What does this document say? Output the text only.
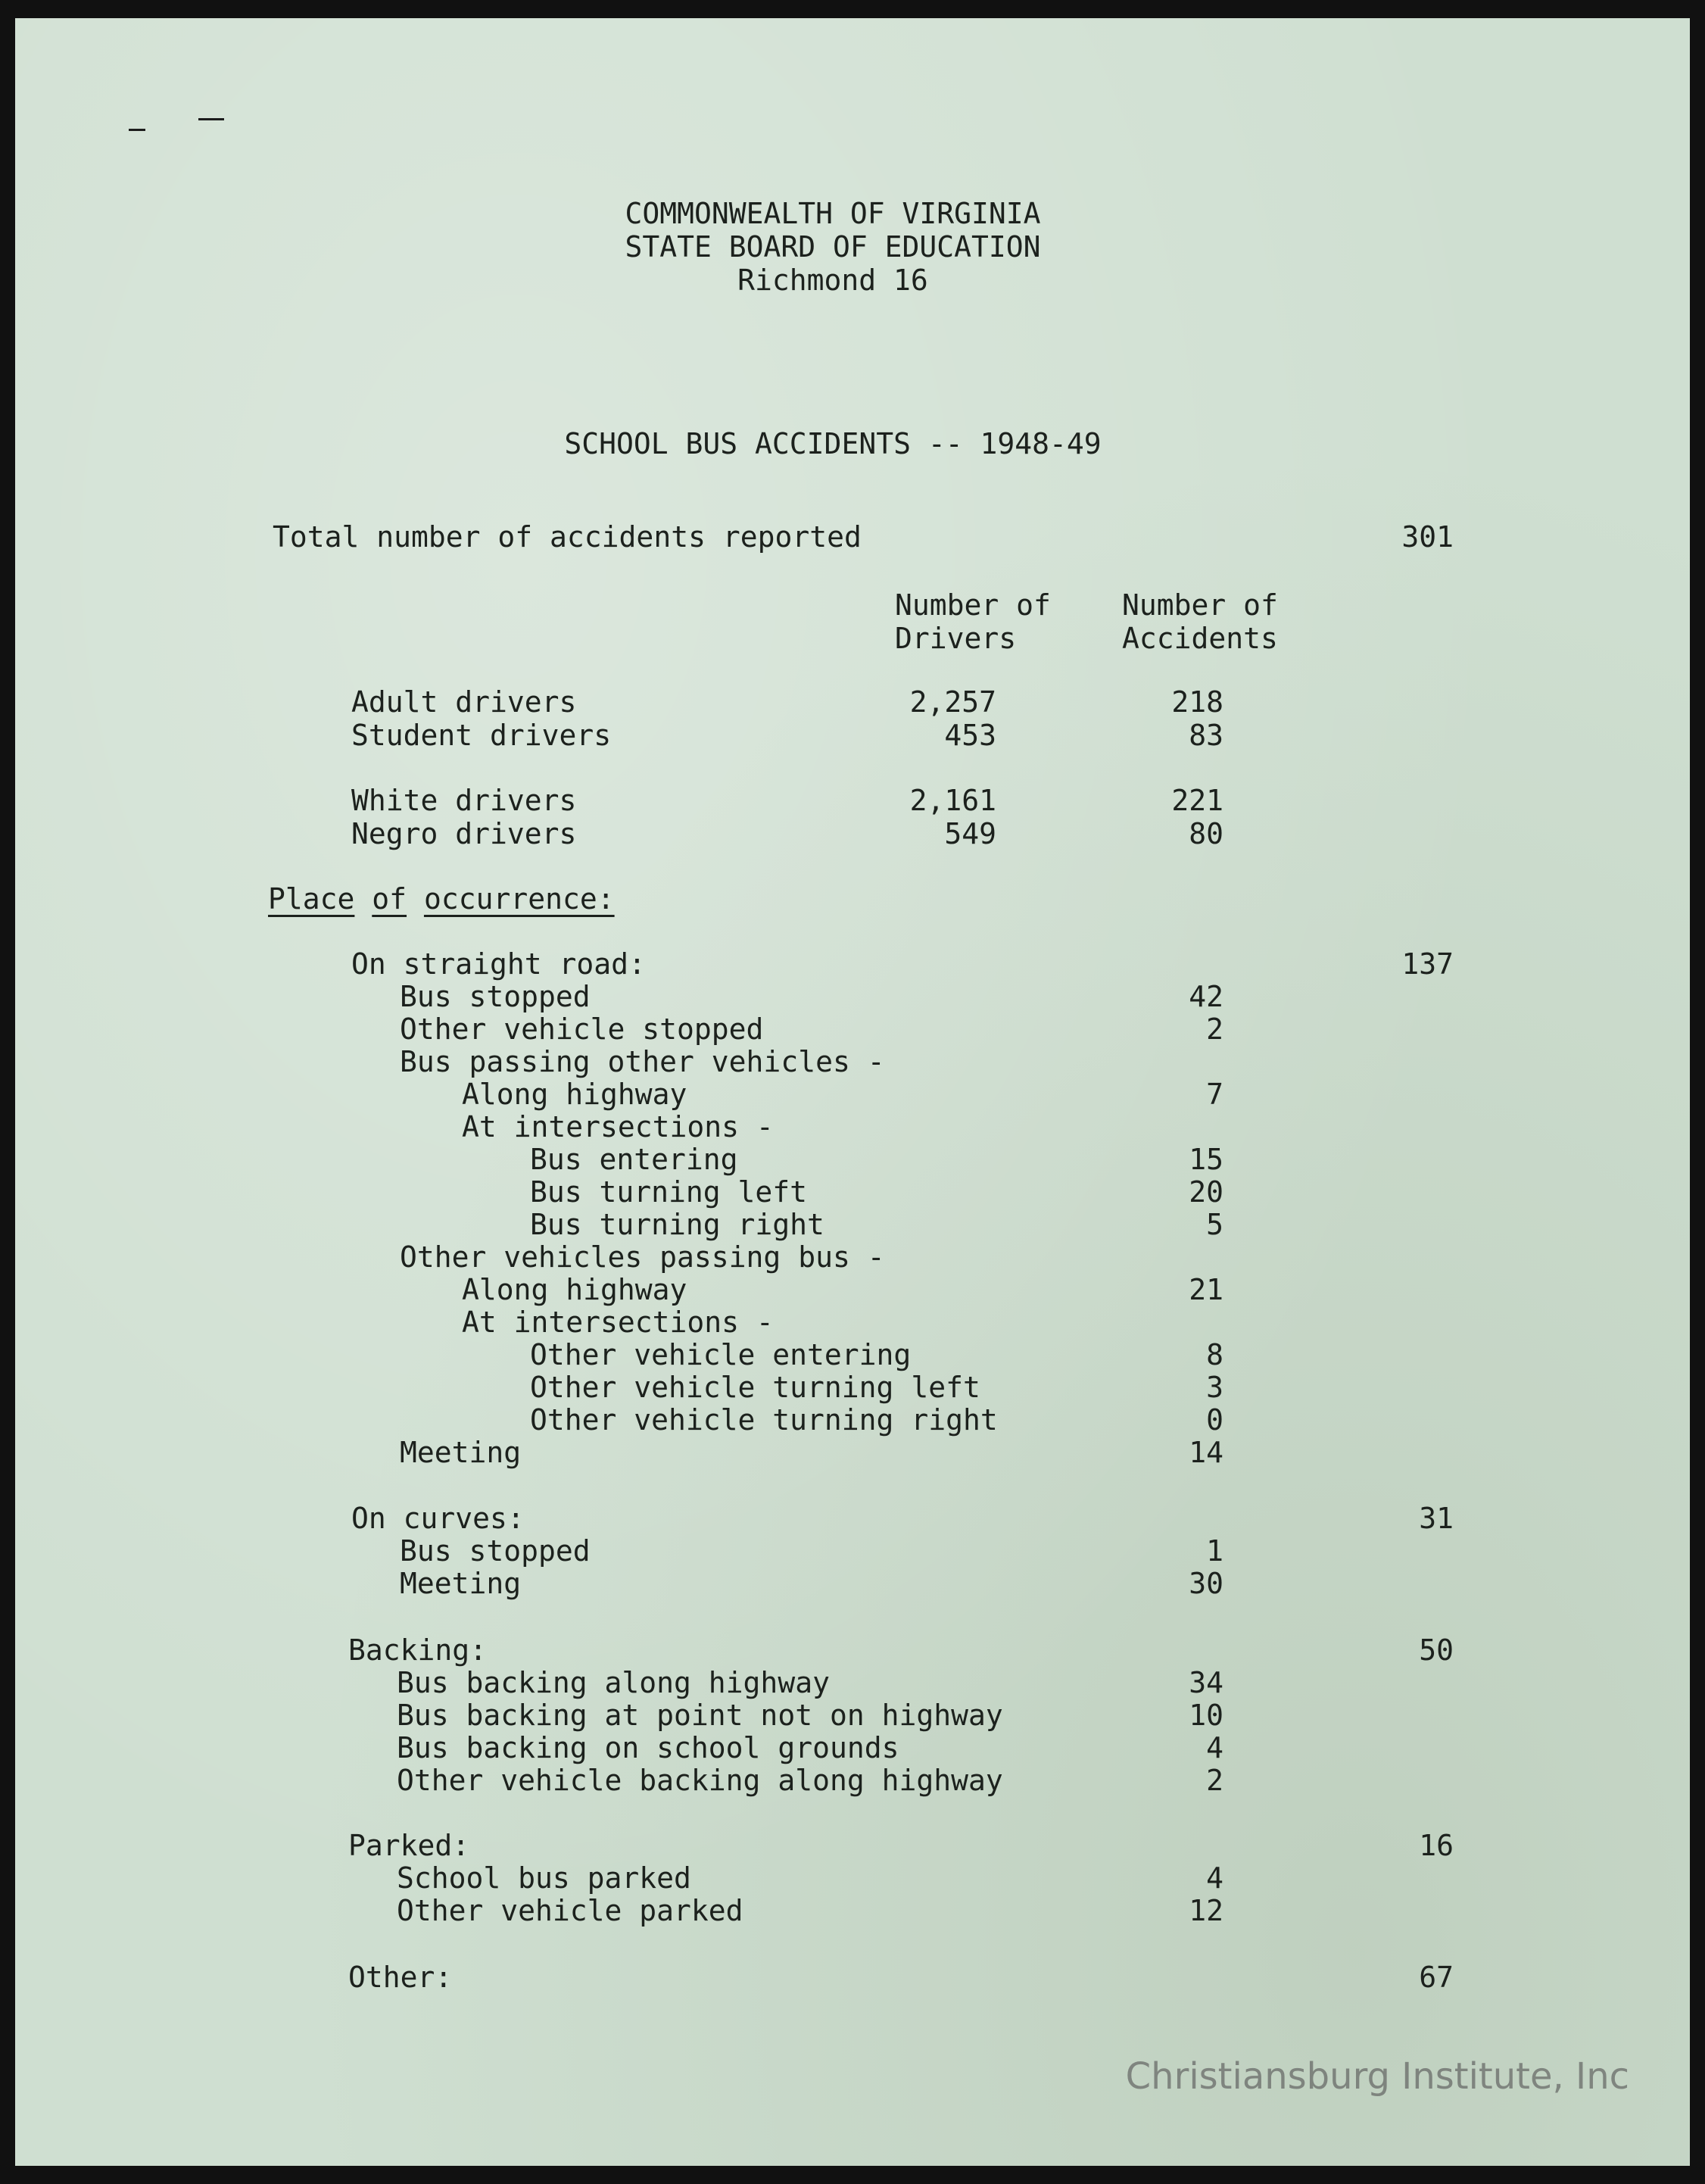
COMMONWEALTH OF VIRGINIA
STATE BOARD OF EDUCATION
Richmond 16
SCHOOL BUS ACCIDENTS -- 1948-49
Total number of accidents reported	301
Number of
Drivers
Number of
Accidents
Adult drivers	2,257	218
Student drivers	453	83
White drivers	2,161	221
Negro drivers	549	80
Place of occurrence:
On straight road:	137
Bus stopped	42
Other vehicle stopped	2
Bus passing other vehicles -
Along highway	7
At intersections -
Bus entering	15
Bus turning left	20
Bus turning right	5
Other vehicles passing bus -
Along highway	21
At intersections -
Other vehicle entering	8
Other vehicle turning left	3
Other vehicle turning right	0
Meeting	14
On curves:	31
Bus stopped	1
Meeting	30
Backing:	50
Bus backing along highway	34
Bus backing at point not on highway	10
Bus backing on school grounds	4
Other vehicle backing along highway	2
Parked:	16
School bus parked	4
Other vehicle parked	12
Other:	67
Christiansburg Institute, Inc
